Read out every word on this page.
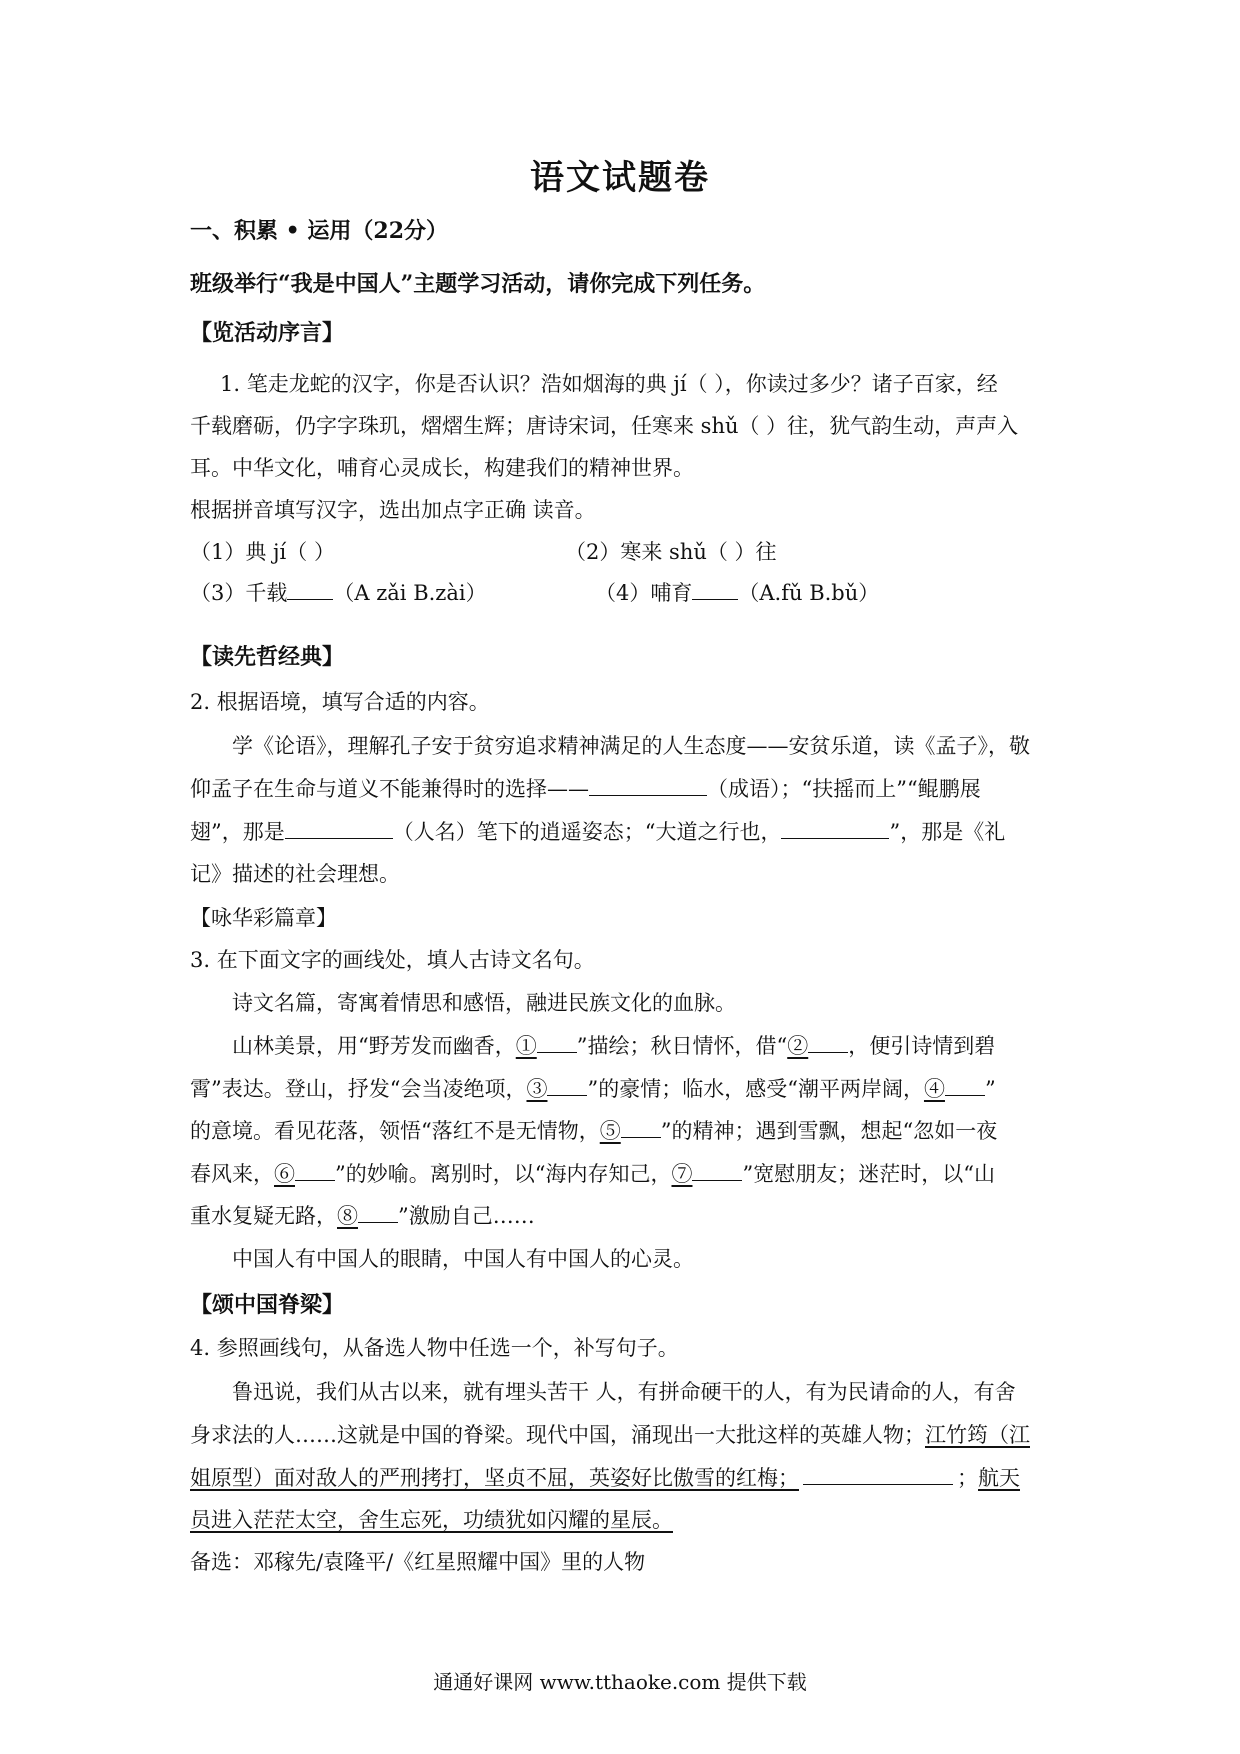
语文试题卷
一、积累 • 运用（22分）
班级举行“我是中国人”主题学习活动，请你完成下列任务。
【览活动序言】
1. 笔走龙蛇的汉字，你是否认识？浩如烟海的典 jí（ ），你读过多少？诸子百家，经
千载磨砺，仍字字珠玑，熠熠生辉；唐诗宋词，任寒来 shǔ（ ）往，犹气韵生动，声声入
耳。中华文化，哺育心灵成长，构建我们的精神世界。
根据拼音填写汉字，选出加点字正确 读音。
（1）典 jí（ ）	（2）寒来 shǔ（ ）往
（3）千载 （A zǎi B.zài）	（4）哺育 （A.fǔ B.bǔ）
【读先哲经典】
2. 根据语境，填写合适的内容。
学《论语》，理解孔子安于贫穷追求精神满足的人生态度——安贫乐道，读《孟子》，敬
仰孟子在生命与道义不能兼得时的选择——	（成语）；“扶摇而上”“鲲鹏展
翅”，那是	（人名）笔下的逍遥姿态；“大道之行也，	”，那是《礼
记》描述的社会理想。
【咏华彩篇章】
3. 在下面文字的画线处，填人古诗文名句。
诗文名篇，寄寓着情思和感悟，融进民族文化的血脉。
山林美景，用“野芳发而幽香，① ”描绘；秋日情怀，借“② ，便引诗情到碧
霄”表达。登山，抒发“会当凌绝项，③ ”的豪情；临水，感受“潮平两岸阔，④ ”
的意境。看见花落，领悟“落红不是无情物，⑤ ”的精神；遇到雪飘，想起“忽如一夜
春风来，⑥ ”的妙喻。离别时，以“海内存知己，⑦ ”宽慰朋友；迷茫时，以“山
重水复疑无路，⑧ ”激励自己……
中国人有中国人的眼睛，中国人有中国人的心灵。
【颂中国脊梁】
4. 参照画线句，从备选人物中任选一个，补写句子。
鲁迅说，我们从古以来，就有埋头苦干 人，有拼命硬干的人，有为民请命的人，有舍
身求法的人……这就是中国的脊梁。现代中国，涌现出一大批这样的英雄人物；江竹筠（江
姐原型）面对敌人的严刑拷打，坚贞不屈，英姿好比傲雪的红梅；	；航天
员进入茫茫太空，舍生忘死，功绩犹如闪耀的星辰。
备选：邓稼先/袁隆平/《红星照耀中国》里的人物
通通好课网 www.tthaoke.com 提供下载
